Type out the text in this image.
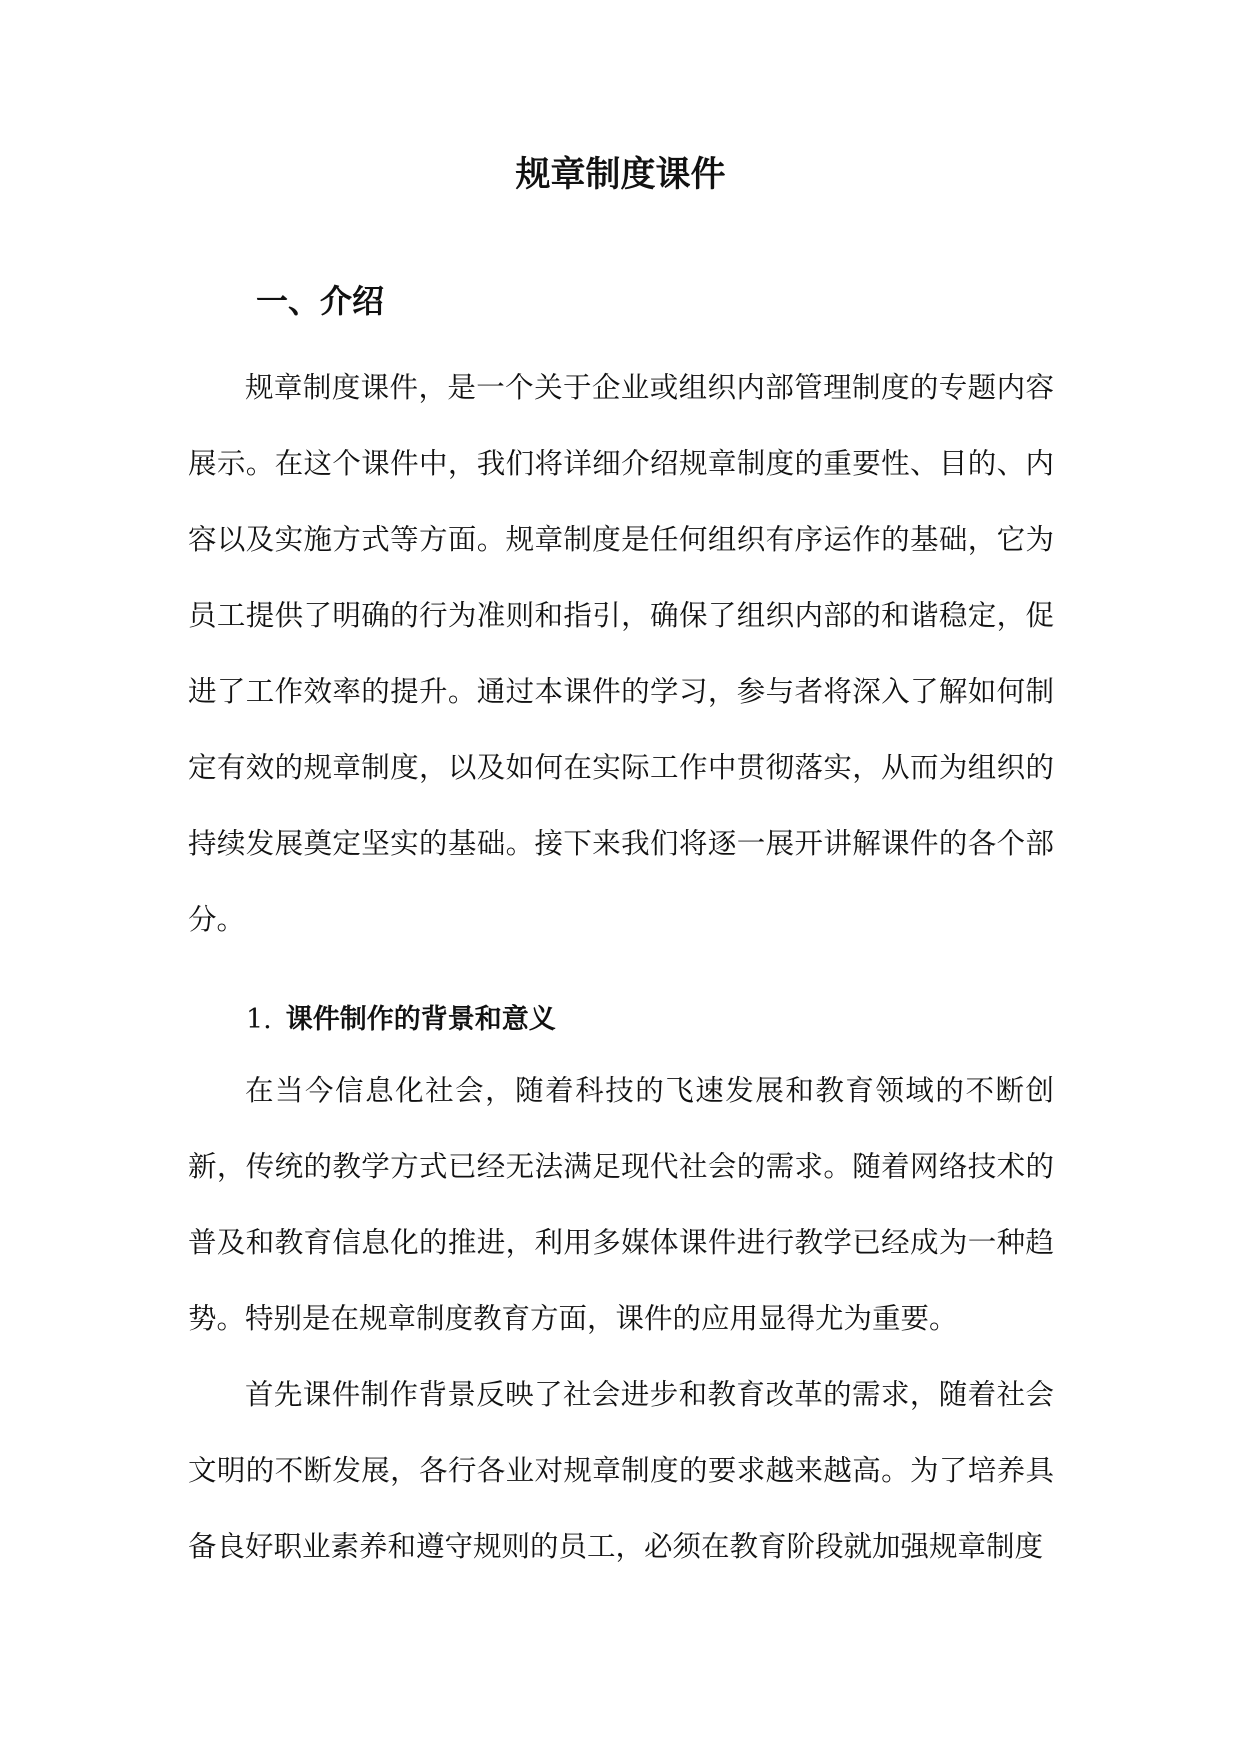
规章制度课件
一、介绍

规章制度课件，是一个关于企业或组织内部管理制度的专题内容展示。在这个课件中，我们将详细介绍规章制度的重要性、目的、内容以及实施方式等方面。规章制度是任何组织有序运作的基础，它为员工提供了明确的行为准则和指引，确保了组织内部的和谐稳定，促进了工作效率的提升。通过本课件的学习，参与者将深入了解如何制定有效的规章制度，以及如何在实际工作中贯彻落实，从而为组织的持续发展奠定坚实的基础。接下来我们将逐一展开讲解课件的各个部分。

1. 课件制作的背景和意义

在当今信息化社会，随着科技的飞速发展和教育领域的不断创新，传统的教学方式已经无法满足现代社会的需求。随着网络技术的普及和教育信息化的推进，利用多媒体课件进行教学已经成为一种趋势。特别是在规章制度教育方面，课件的应用显得尤为重要。

首先课件制作背景反映了社会进步和教育改革的需求，随着社会文明的不断发展，各行各业对规章制度的要求越来越高。为了培养具备良好职业素养和遵守规则的员工，必须在教育阶段就加强规章制度
